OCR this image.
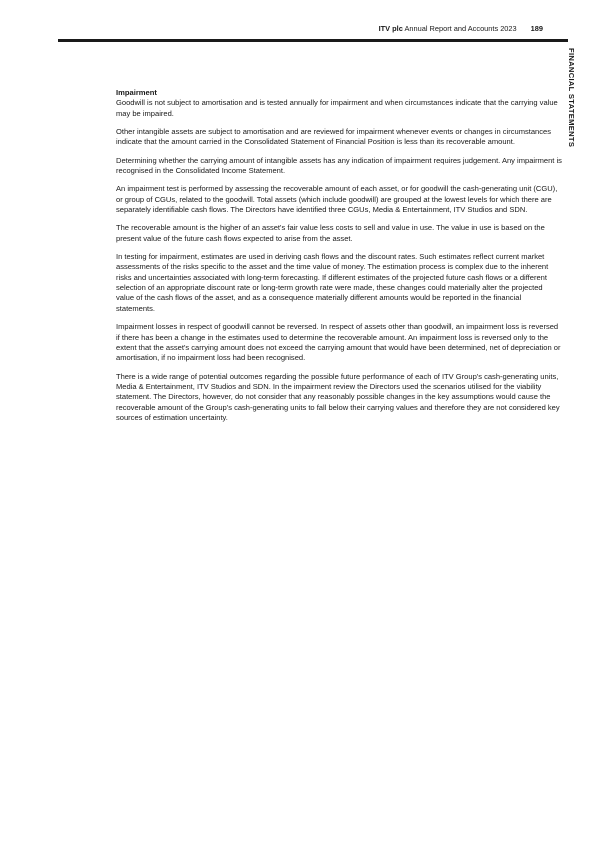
ITV plc Annual Report and Accounts 2023 189
FINANCIAL STATEMENTS
Impairment

Goodwill is not subject to amortisation and is tested annually for impairment and when circumstances indicate that the carrying value may be impaired.

Other intangible assets are subject to amortisation and are reviewed for impairment whenever events or changes in circumstances indicate that the amount carried in the Consolidated Statement of Financial Position is less than its recoverable amount.

Determining whether the carrying amount of intangible assets has any indication of impairment requires judgement. Any impairment is recognised in the Consolidated Income Statement.

An impairment test is performed by assessing the recoverable amount of each asset, or for goodwill the cash-generating unit (CGU), or group of CGUs, related to the goodwill. Total assets (which include goodwill) are grouped at the lowest levels for which there are separately identifiable cash flows. The Directors have identified three CGUs, Media & Entertainment, ITV Studios and SDN.

The recoverable amount is the higher of an asset's fair value less costs to sell and value in use. The value in use is based on the present value of the future cash flows expected to arise from the asset.

In testing for impairment, estimates are used in deriving cash flows and the discount rates. Such estimates reflect current market assessments of the risks specific to the asset and the time value of money. The estimation process is complex due to the inherent risks and uncertainties associated with long-term forecasting. If different estimates of the projected future cash flows or a different selection of an appropriate discount rate or long-term growth rate were made, these changes could materially alter the projected value of the cash flows of the asset, and as a consequence materially different amounts would be reported in the financial statements.

Impairment losses in respect of goodwill cannot be reversed. In respect of assets other than goodwill, an impairment loss is reversed if there has been a change in the estimates used to determine the recoverable amount. An impairment loss is reversed only to the extent that the asset's carrying amount does not exceed the carrying amount that would have been determined, net of depreciation or amortisation, if no impairment loss had been recognised.

There is a wide range of potential outcomes regarding the possible future performance of each of ITV Group's cash-generating units, Media & Entertainment, ITV Studios and SDN. In the impairment review the Directors used the scenarios utilised for the viability statement. The Directors, however, do not consider that any reasonably possible changes in the key assumptions would cause the recoverable amount of the Group's cash-generating units to fall below their carrying values and therefore they are not considered key sources of estimation uncertainty.
